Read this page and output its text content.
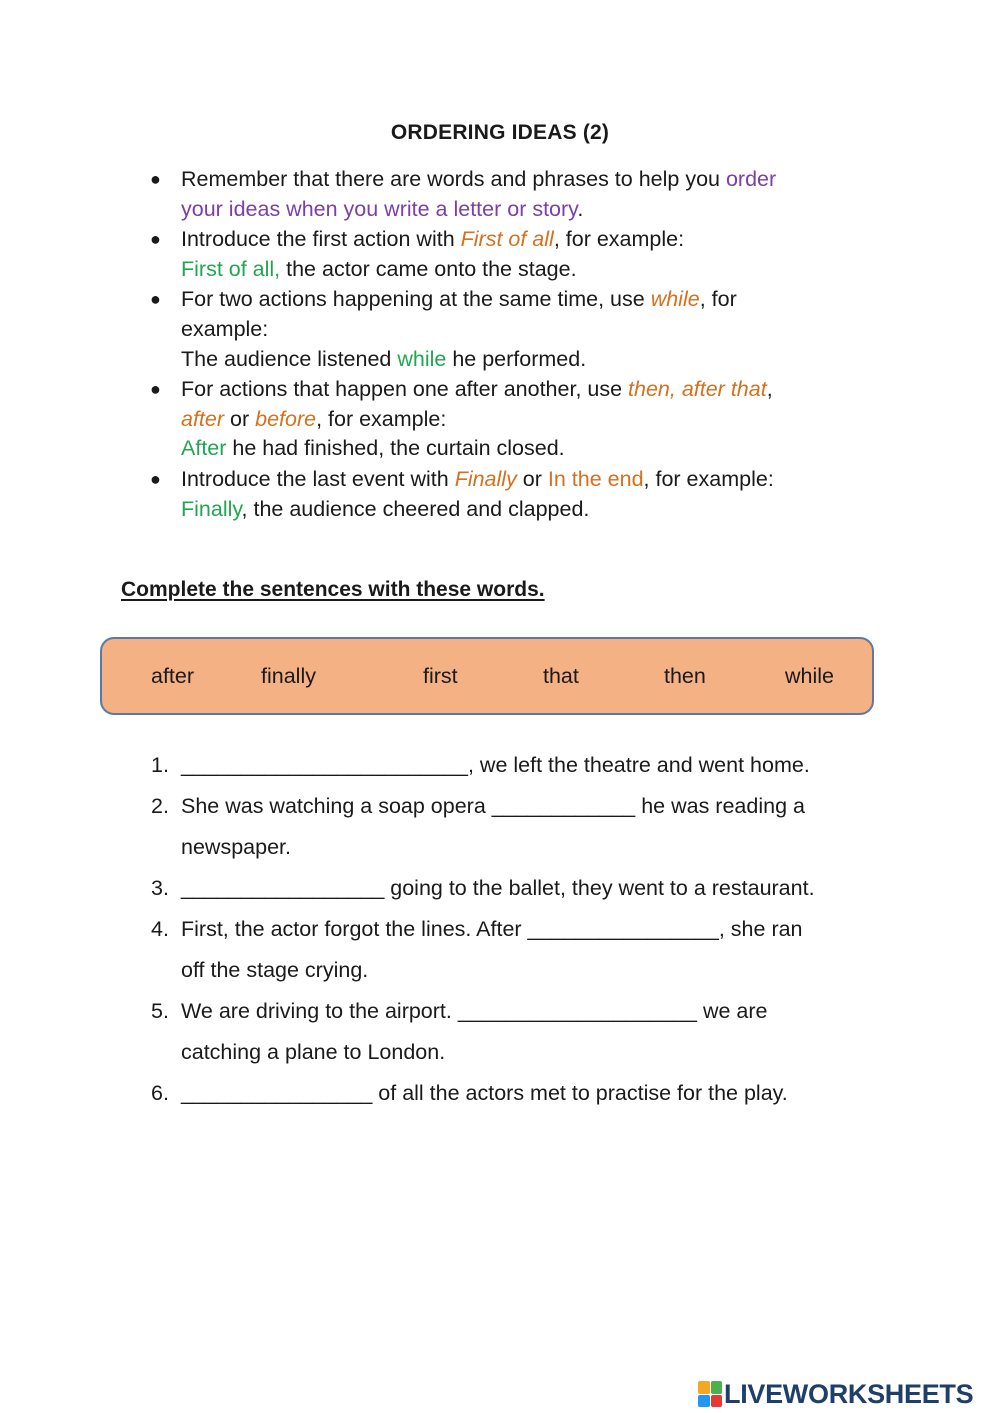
ORDERING IDEAS (2)
● Remember that there are words and phrases to help you order
your ideas when you write a letter or story.
● Introduce the first action with First of all, for example:
First of all, the actor came onto the stage.
● For two actions happening at the same time, use while, for
example:
The audience listened while he performed.
● For actions that happen one after another, use then, after that,
after or before, for example:
After he had finished, the curtain closed.
● Introduce the last event with Finally or In the end, for example:
Finally, the audience cheered and clapped.
Complete the sentences with these words.
after	finally	first	that	then	while
1. ________________________, we left the theatre and went home.
2. She was watching a soap opera ____________ he was reading a
newspaper.
3. _________________ going to the ballet, they went to a restaurant.
4. First, the actor forgot the lines. After ________________, she ran
off the stage crying.
5. We are driving to the airport. ____________________ we are
catching a plane to London.
6. ________________ of all the actors met to practise for the play.
LIVEWORKSHEETS
